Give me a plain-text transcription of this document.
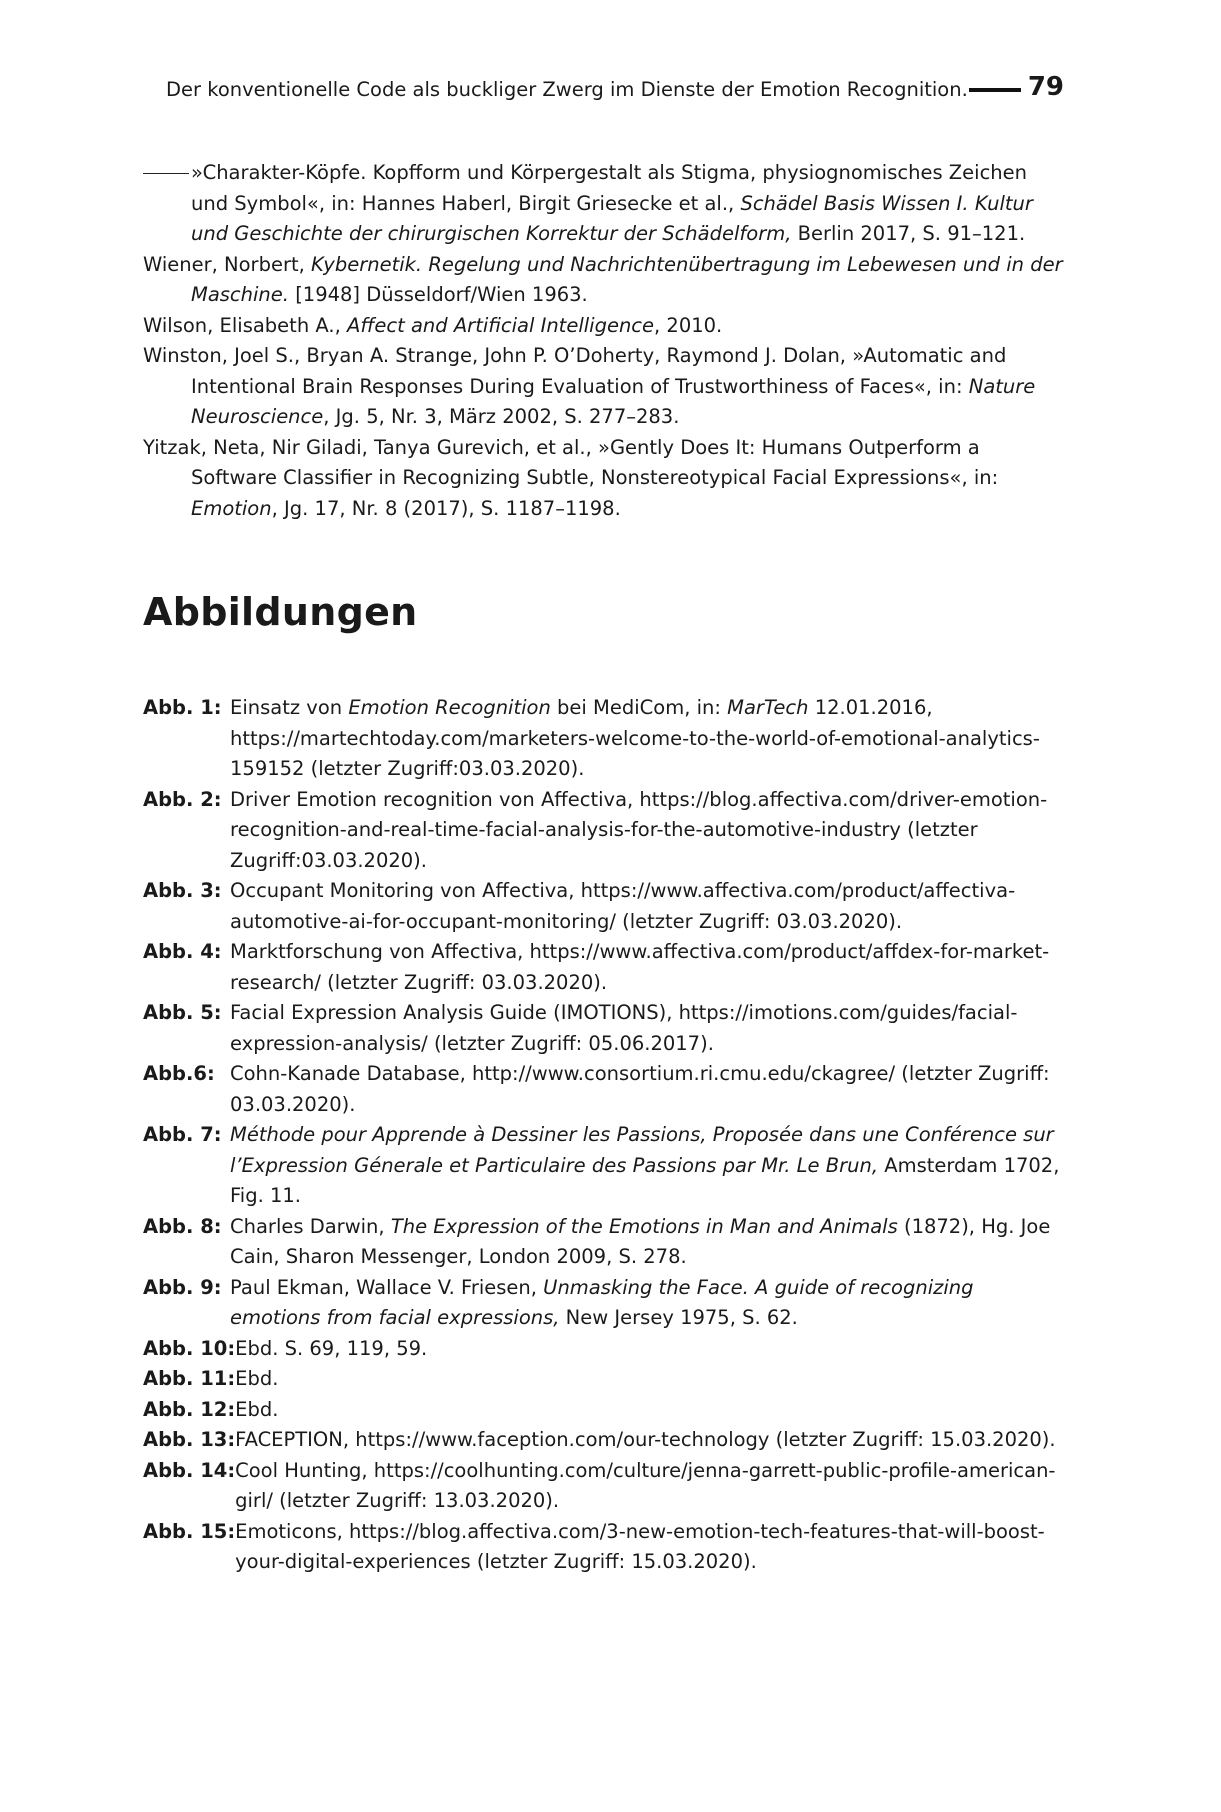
Der konventionelle Code als buckliger Zwerg im Dienste der Emotion Recognition. 79

»Charakter-Köpfe. Kopfform und Körpergestalt als Stigma, physiognomisches Zeichen und Symbol«, in: Hannes Haberl, Birgit Griesecke et al., Schädel Basis Wissen I. Kultur und Geschichte der chirurgischen Korrektur der Schädelform, Berlin 2017, S. 91–121.

Wiener, Norbert, Kybernetik. Regelung und Nachrichtenübertragung im Lebewesen und in der Maschine. [1948] Düsseldorf/Wien 1963.

Wilson, Elisabeth A., Affect and Artificial Intelligence, 2010.

Winston, Joel S., Bryan A. Strange, John P. O’Doherty, Raymond J. Dolan, »Automatic and Intentional Brain Responses During Evaluation of Trustworthiness of Faces«, in: Nature Neuroscience, Jg. 5, Nr. 3, März 2002, S. 277–283.

Yitzak, Neta, Nir Giladi, Tanya Gurevich, et al., »Gently Does It: Humans Outperform a Software Classifier in Recognizing Subtle, Nonstereotypical Facial Expressions«, in: Emotion, Jg. 17, Nr. 8 (2017), S. 1187–1198.

Abbildungen
Abb. 1: Einsatz von Emotion Recognition bei MediCom, in: MarTech 12.01.2016, https://martechtoday.com/marketers-welcome-to-the-world-of-emotional-analytics-159152 (letzter Zugriff:03.03.2020).
Abb. 2: Driver Emotion recognition von Affectiva, https://blog.affectiva.com/driver-emotion-recognition-and-real-time-facial-analysis-for-the-automotive-industry (letzter Zugriff:03.03.2020).
Abb. 3: Occupant Monitoring von Affectiva, https://www.affectiva.com/product/affectiva-automotive-ai-for-occupant-monitoring/ (letzter Zugriff: 03.03.2020).
Abb. 4: Marktforschung von Affectiva, https://www.affectiva.com/product/affdex-for-market-research/ (letzter Zugriff: 03.03.2020).
Abb. 5: Facial Expression Analysis Guide (IMOTIONS), https://imotions.com/guides/facial-expression-analysis/ (letzter Zugriff: 05.06.2017).
Abb.6: Cohn-Kanade Database, http://www.consortium.ri.cmu.edu/ckagree/ (letzter Zugriff: 03.03.2020).
Abb. 7: Méthode pour Apprende à Dessiner les Passions, Proposée dans une Conférence sur l’Expression Génerale et Particulaire des Passions par Mr. Le Brun, Amsterdam 1702, Fig. 11.
Abb. 8: Charles Darwin, The Expression of the Emotions in Man and Animals (1872), Hg. Joe Cain, Sharon Messenger, London 2009, S. 278.
Abb. 9: Paul Ekman, Wallace V. Friesen, Unmasking the Face. A guide of recognizing emotions from facial expressions, New Jersey 1975, S. 62.
Abb. 10: Ebd. S. 69, 119, 59.
Abb. 11: Ebd.
Abb. 12: Ebd.
Abb. 13: FACEPTION, https://www.faception.com/our-technology (letzter Zugriff: 15.03.2020).
Abb. 14: Cool Hunting, https://coolhunting.com/culture/jenna-garrett-public-profile-american-girl/ (letzter Zugriff: 13.03.2020).
Abb. 15: Emoticons, https://blog.affectiva.com/3-new-emotion-tech-features-that-will-boost-your-digital-experiences (letzter Zugriff: 15.03.2020).
